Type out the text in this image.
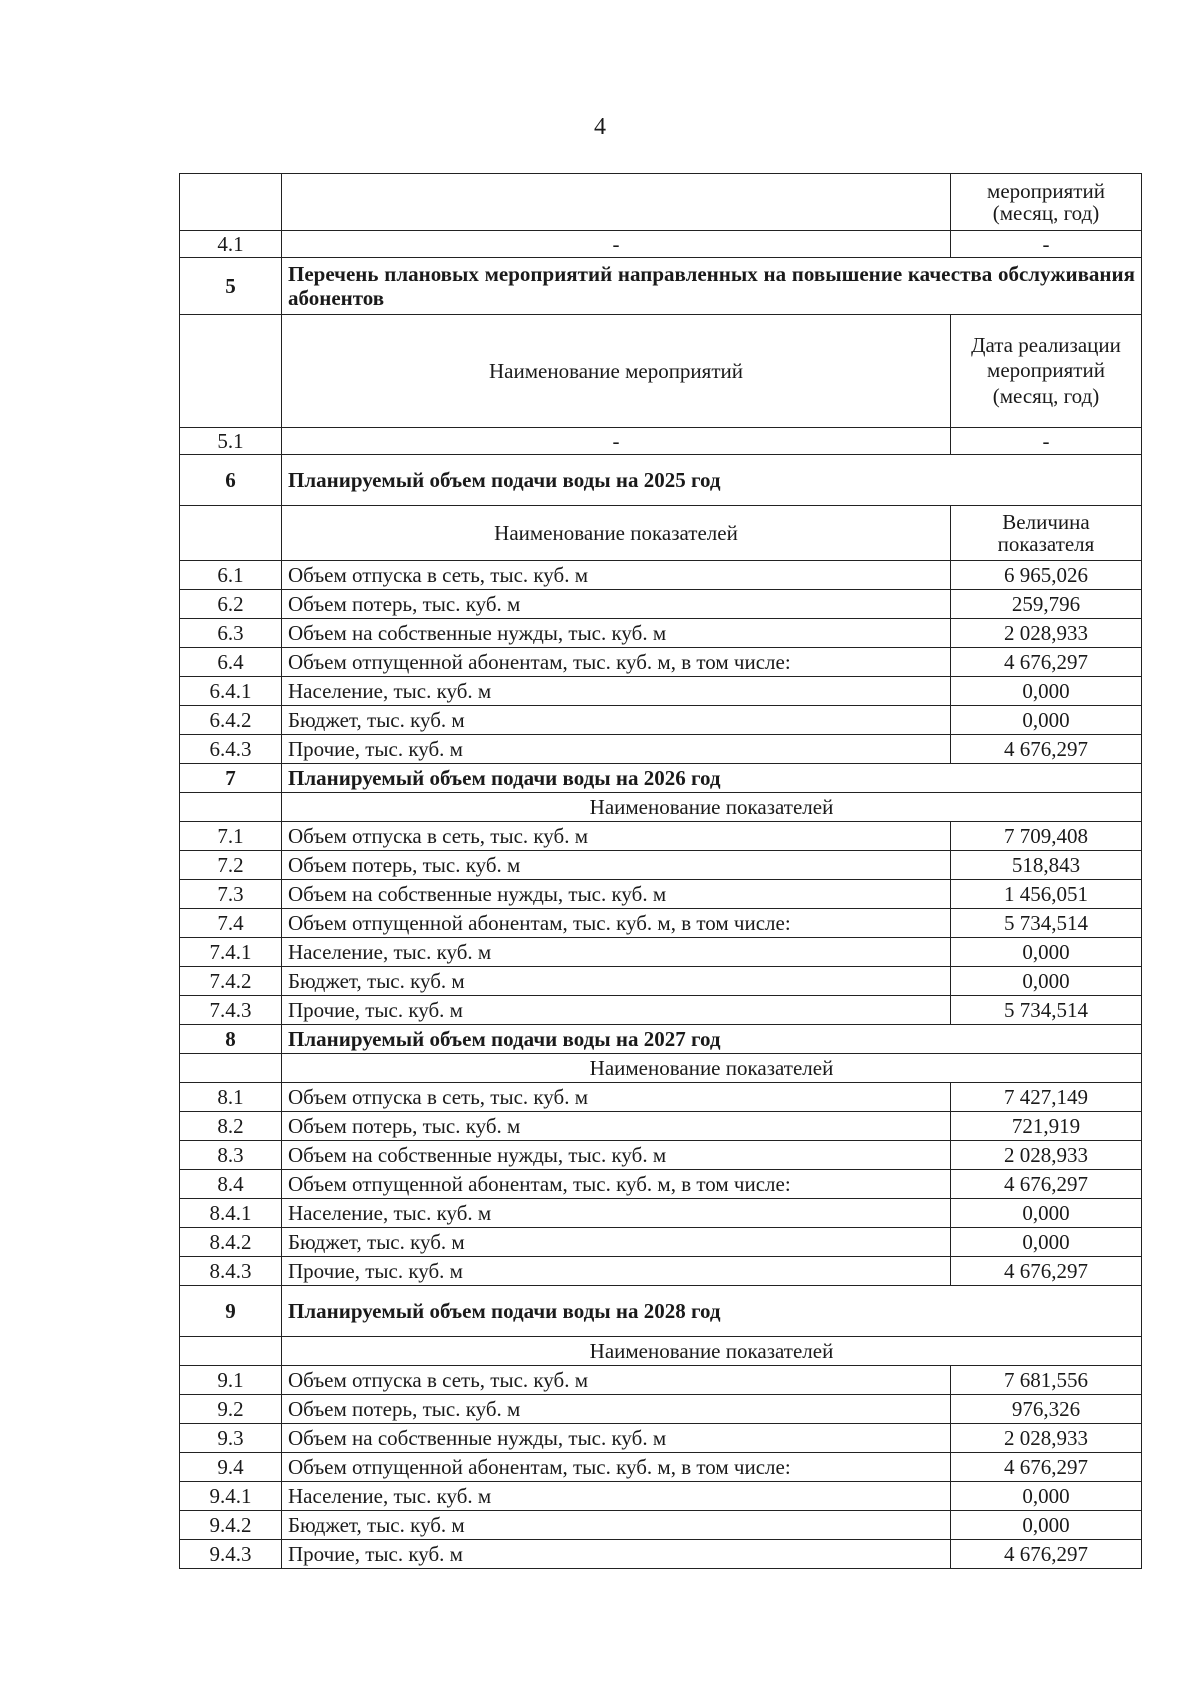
4
		мероприятий (месяц, год)
4.1	-	-
5	Перечень плановых мероприятий направленных на повышение качества обслуживания абонентов	
	Наименование мероприятий	Дата реализации мероприятий (месяц, год)
5.1	-	-
6	Планируемый объем подачи воды на 2025 год	
	Наименование показателей	Величина показателя
6.1	Объем отпуска в сеть, тыс. куб. м	6 965,026
6.2	Объем потерь, тыс. куб. м	259,796
6.3	Объем на собственные нужды, тыс. куб. м	2 028,933
6.4	Объем отпущенной абонентам, тыс. куб. м, в том числе:	4 676,297
6.4.1	Население, тыс. куб. м	0,000
6.4.2	Бюджет, тыс. куб. м	0,000
6.4.3	Прочие, тыс. куб. м	4 676,297
7	Планируемый объем подачи воды на 2026 год	
	Наименование показателей	
7.1	Объем отпуска в сеть, тыс. куб. м	7 709,408
7.2	Объем потерь, тыс. куб. м	518,843
7.3	Объем на собственные нужды, тыс. куб. м	1 456,051
7.4	Объем отпущенной абонентам, тыс. куб. м, в том числе:	5 734,514
7.4.1	Население, тыс. куб. м	0,000
7.4.2	Бюджет, тыс. куб. м	0,000
7.4.3	Прочие, тыс. куб. м	5 734,514
8	Планируемый объем подачи воды на 2027 год	
	Наименование показателей	
8.1	Объем отпуска в сеть, тыс. куб. м	7 427,149
8.2	Объем потерь, тыс. куб. м	721,919
8.3	Объем на собственные нужды, тыс. куб. м	2 028,933
8.4	Объем отпущенной абонентам, тыс. куб. м, в том числе:	4 676,297
8.4.1	Население, тыс. куб. м	0,000
8.4.2	Бюджет, тыс. куб. м	0,000
8.4.3	Прочие, тыс. куб. м	4 676,297
9	Планируемый объем подачи воды на 2028 год	
	Наименование показателей	
9.1	Объем отпуска в сеть, тыс. куб. м	7 681,556
9.2	Объем потерь, тыс. куб. м	976,326
9.3	Объем на собственные нужды, тыс. куб. м	2 028,933
9.4	Объем отпущенной абонентам, тыс. куб. м, в том числе:	4 676,297
9.4.1	Население, тыс. куб. м	0,000
9.4.2	Бюджет, тыс. куб. м	0,000
9.4.3	Прочие, тыс. куб. м	4 676,297
